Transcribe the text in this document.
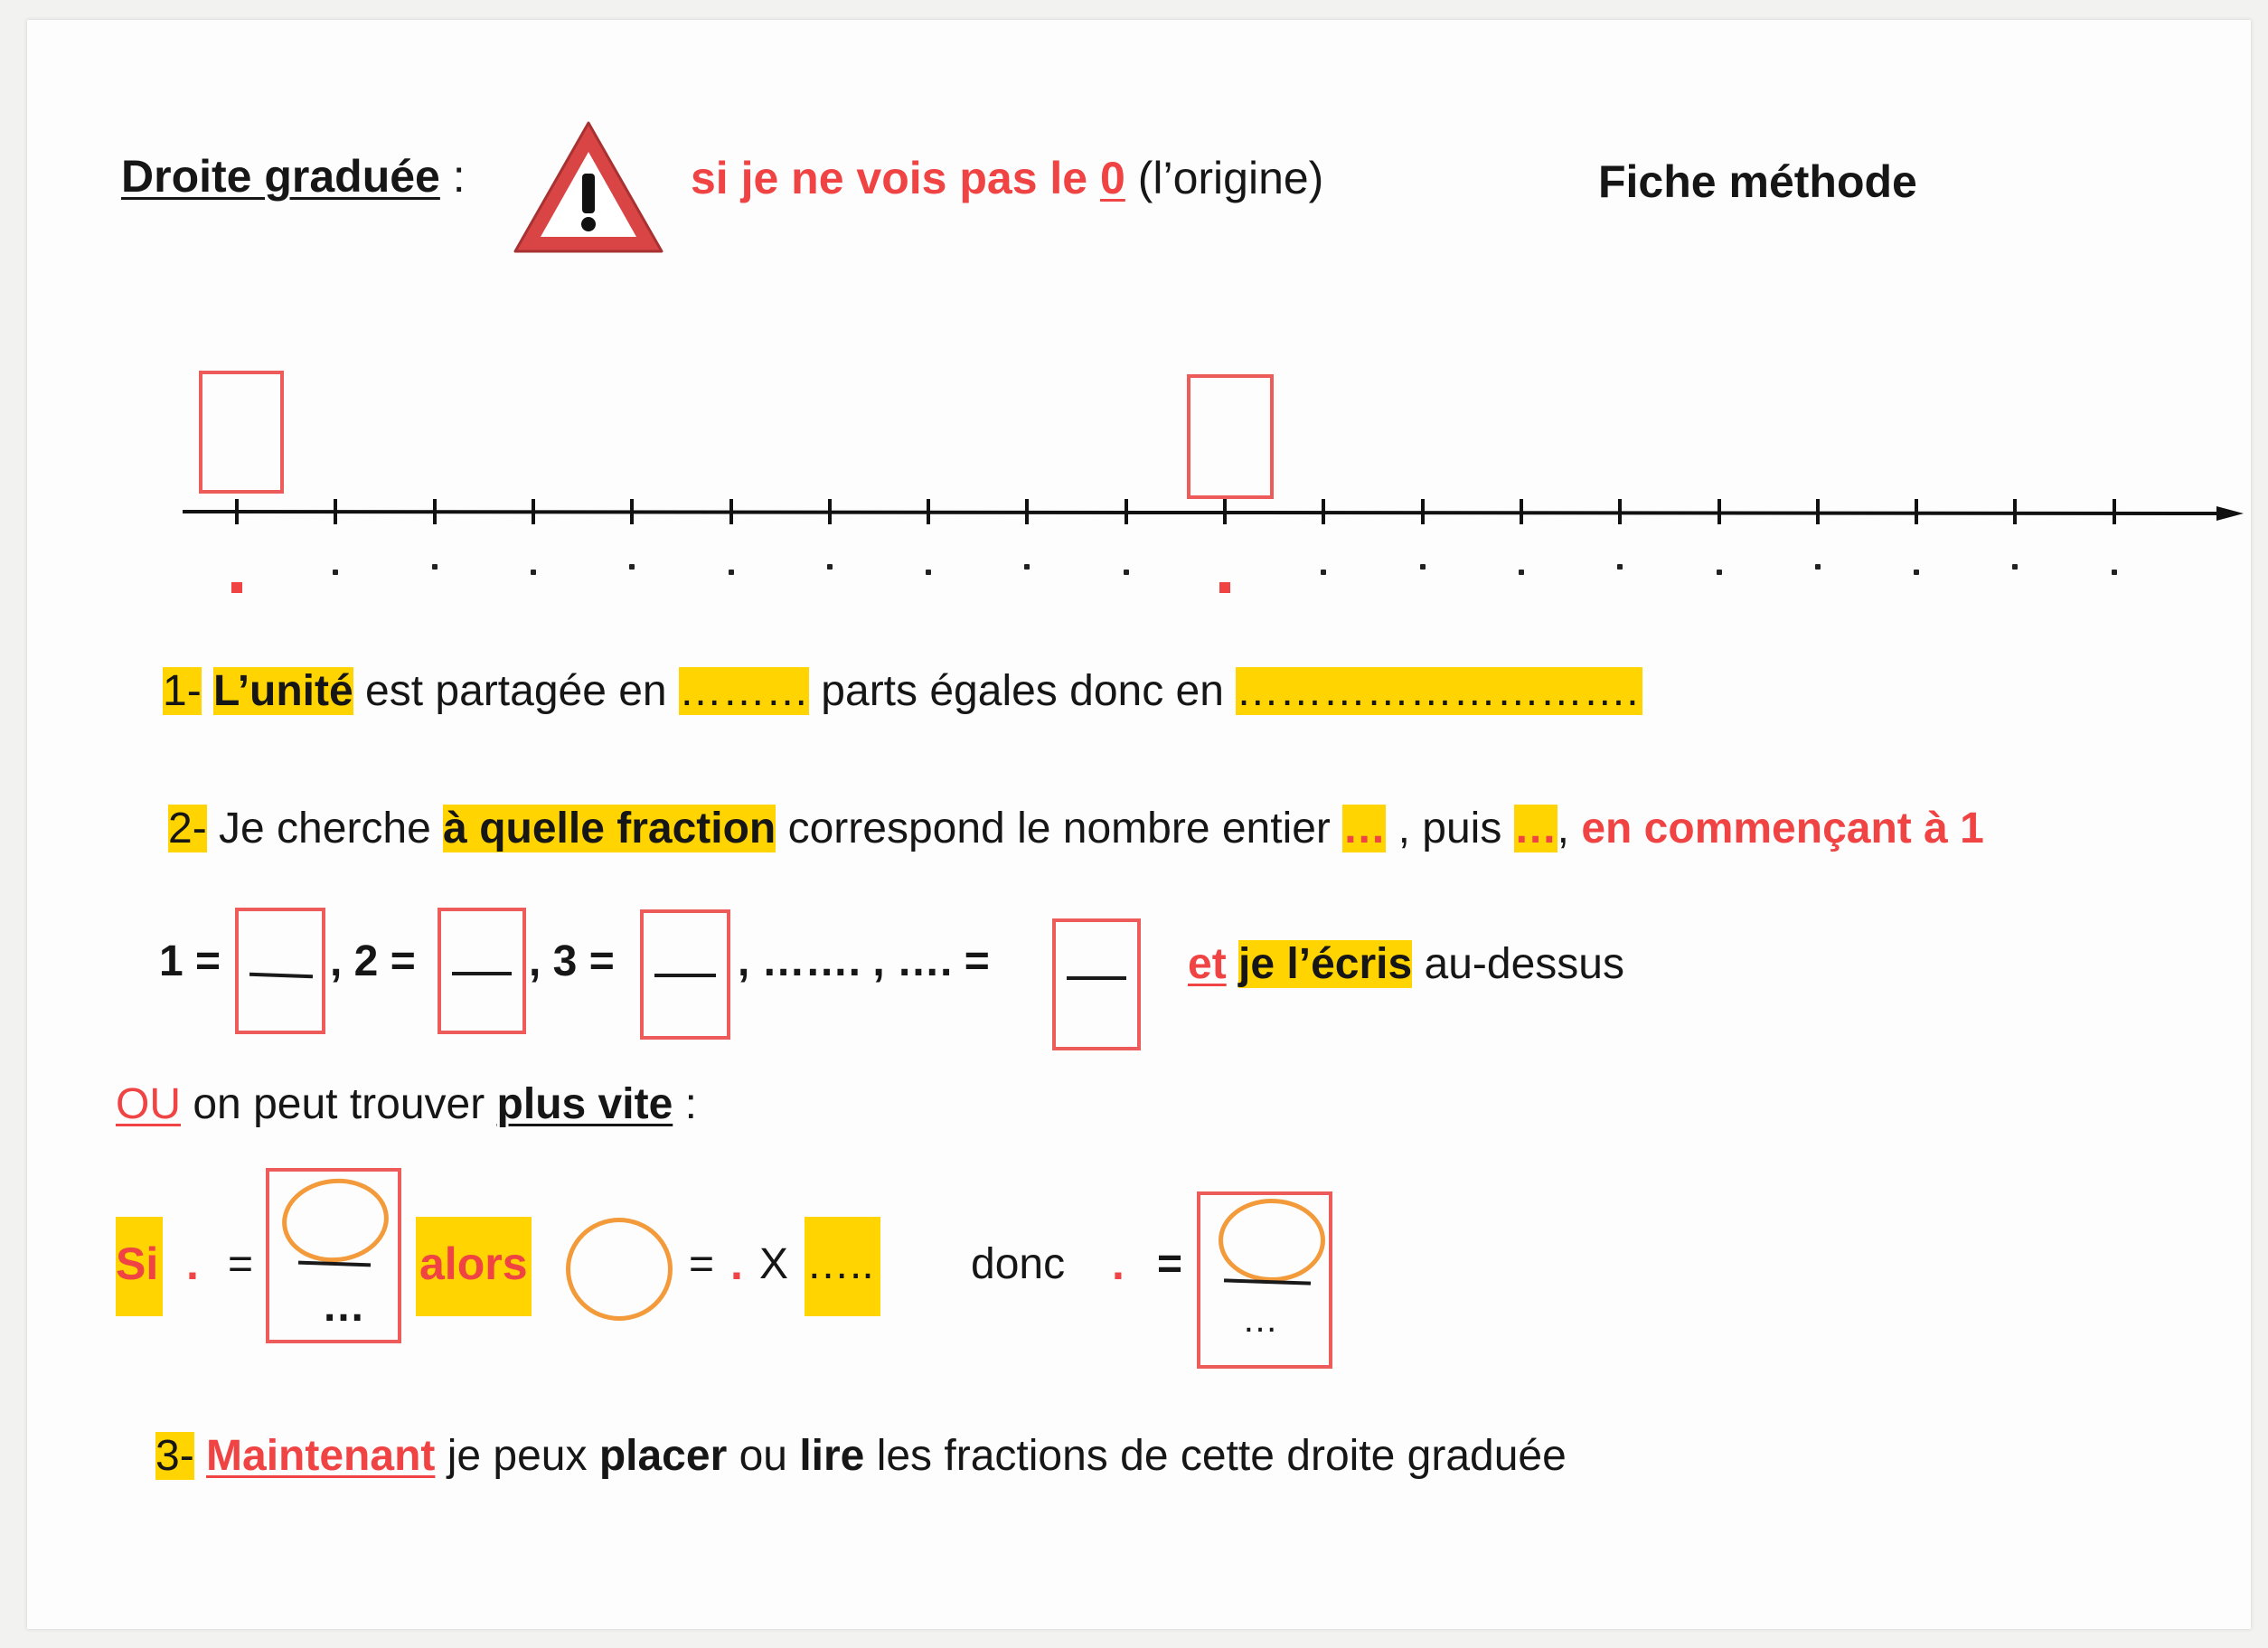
Droite graduée :	si je ne vois pas le 0 (l’origine)	Fiche méthode
1- L’unité est partagée en ……… parts égales donc en ……………………….
2- Je cherche à quelle fraction correspond le nombre entier … , puis …, en commençant à 1
1 =	, 2 =	, 3 =	, ……. , …. =	et je l’écris au-dessus
OU on peut trouver plus vite :
Si . =
…
alors	= . X ….. donc . =
…
3- Maintenant je peux placer ou lire les fractions de cette droite graduée
